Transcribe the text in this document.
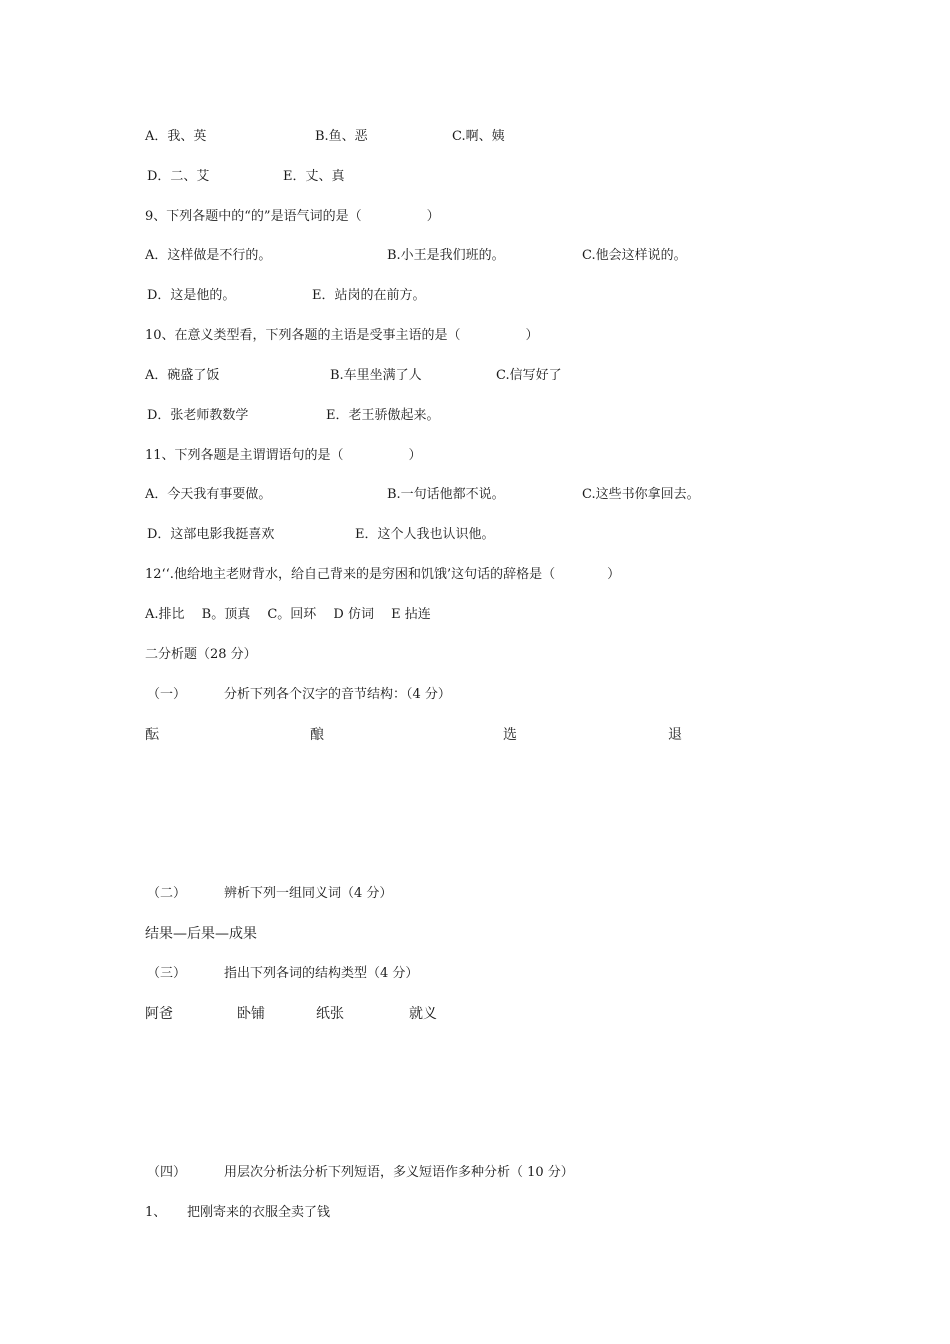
A．我、英	B.鱼、恶	C.啊、姨
D．二、艾	E．丈、真
9、下列各题中的“的”是语气词的是（　　　　　）
A．这样做是不行的。	B.小王是我们班的。	C.他会这样说的。
D．这是他的。	E．站岗的在前方。
10、在意义类型看，下列各题的主语是受事主语的是（　　　　　）
A．碗盛了饭	B.车里坐满了人	C.信写好了
D．张老师教数学	E．老王骄傲起来。
11、下列各题是主谓谓语句的是（　　　　　）
A．今天我有事要做。	B.一句话他都不说。	C.这些书你拿回去。
D．这部电影我挺喜欢	E．这个人我也认识他。
12‘‘.他给地主老财背水，给自己背来的是穷困和饥饿’这句话的辞格是（　　　　）
A.排比　 B。顶真　 C。回环　 D 仿词　 E 拈连
二分析题（28 分）
（一）	分析下列各个汉字的音节结构：（4 分）
酝	酿	选	退
（二）	辨析下列一组同义词（4 分）
结果—后果—成果
（三）	指出下列各词的结构类型（4 分）
阿爸	卧铺	纸张	就义
（四）	用层次分析法分析下列短语，多义短语作多种分析（ 10 分）
1、 把刚寄来的衣服全卖了钱
